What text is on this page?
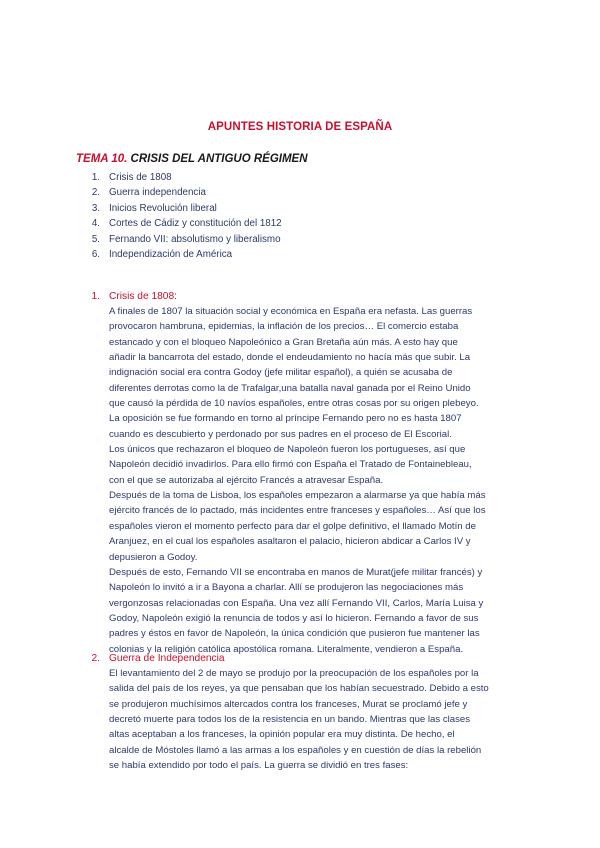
APUNTES HISTORIA DE ESPAÑA

TEMA 10. CRISIS DEL ANTIGUO RÉGIMEN

1. Crisis de 1808
2. Guerra independencia
3. Inicios Revolución liberal
4. Cortes de Cádiz y constitución del 1812
5. Fernando VII: absolutismo y liberalismo
6. Independización de América

1. Crisis de 1808:

A finales de 1807 la situación social y económica en España era nefasta. Las guerras
provocaron hambruna, epidemias, la inflación de los precios… El comercio estaba
estancado y con el bloqueo Napoleónico a Gran Bretaña aún más. A esto hay que
añadir la bancarrota del estado, donde el endeudamiento no hacía más que subir. La
indignación social era contra Godoy (jefe militar español), a quién se acusaba de
diferentes derrotas como la de Trafalgar,una batalla naval ganada por el Reino Unido
que causó la pérdida de 10 navíos españoles, entre otras cosas por su origen plebeyo.
La oposición se fue formando en torno al príncipe Fernando pero no es hasta 1807
cuando es descubierto y perdonado por sus padres en el proceso de El Escorial.
Los únicos que rechazaron el bloqueo de Napoleón fueron los portugueses, así que
Napoleón decidió invadirlos. Para ello firmó con España el Tratado de Fontainebleau,
con el que se autorizaba al ejército Francés a atravesar España.
Después de la toma de Lisboa, los españoles empezaron a alarmarse ya que había más
ejército francés de lo pactado, más incidentes entre franceses y españoles… Así que los
españoles vieron el momento perfecto para dar el golpe definitivo, el llamado Motín de
Aranjuez, en el cual los españoles asaltaron el palacio, hicieron abdicar a Carlos IV y
depusieron a Godoy.
Después de esto, Fernando VII se encontraba en manos de Murat(jefe militar francés) y
Napoleón lo invitó a ir a Bayona a charlar. Allí se produjeron las negociaciones más
vergonzosas relacionadas con España. Una vez allí Fernando VII, Carlos, María Luisa y
Godoy, Napoleón exigió la renuncia de todos y así lo hicieron. Fernando a favor de sus
padres y éstos en favor de Napoleón, la única condición que pusieron fue mantener las
colonias y la religión católica apostólica romana. Literalmente, vendieron a España.

2. Guerra de Independencia

El levantamiento del 2 de mayo se produjo por la preocupación de los españoles por la
salida del país de los reyes, ya que pensaban que los habían secuestrado. Debido a esto
se produjeron muchísimos altercados contra los franceses, Murat se proclamó jefe y
decretó muerte para todos los de la resistencia en un bando. Mientras que las clases
altas aceptaban a los franceses, la opinión popular era muy distinta. De hecho, el
alcalde de Móstoles llamó a las armas a los españoles y en cuestión de días la rebelión
se había extendido por todo el país. La guerra se dividió en tres fases:
